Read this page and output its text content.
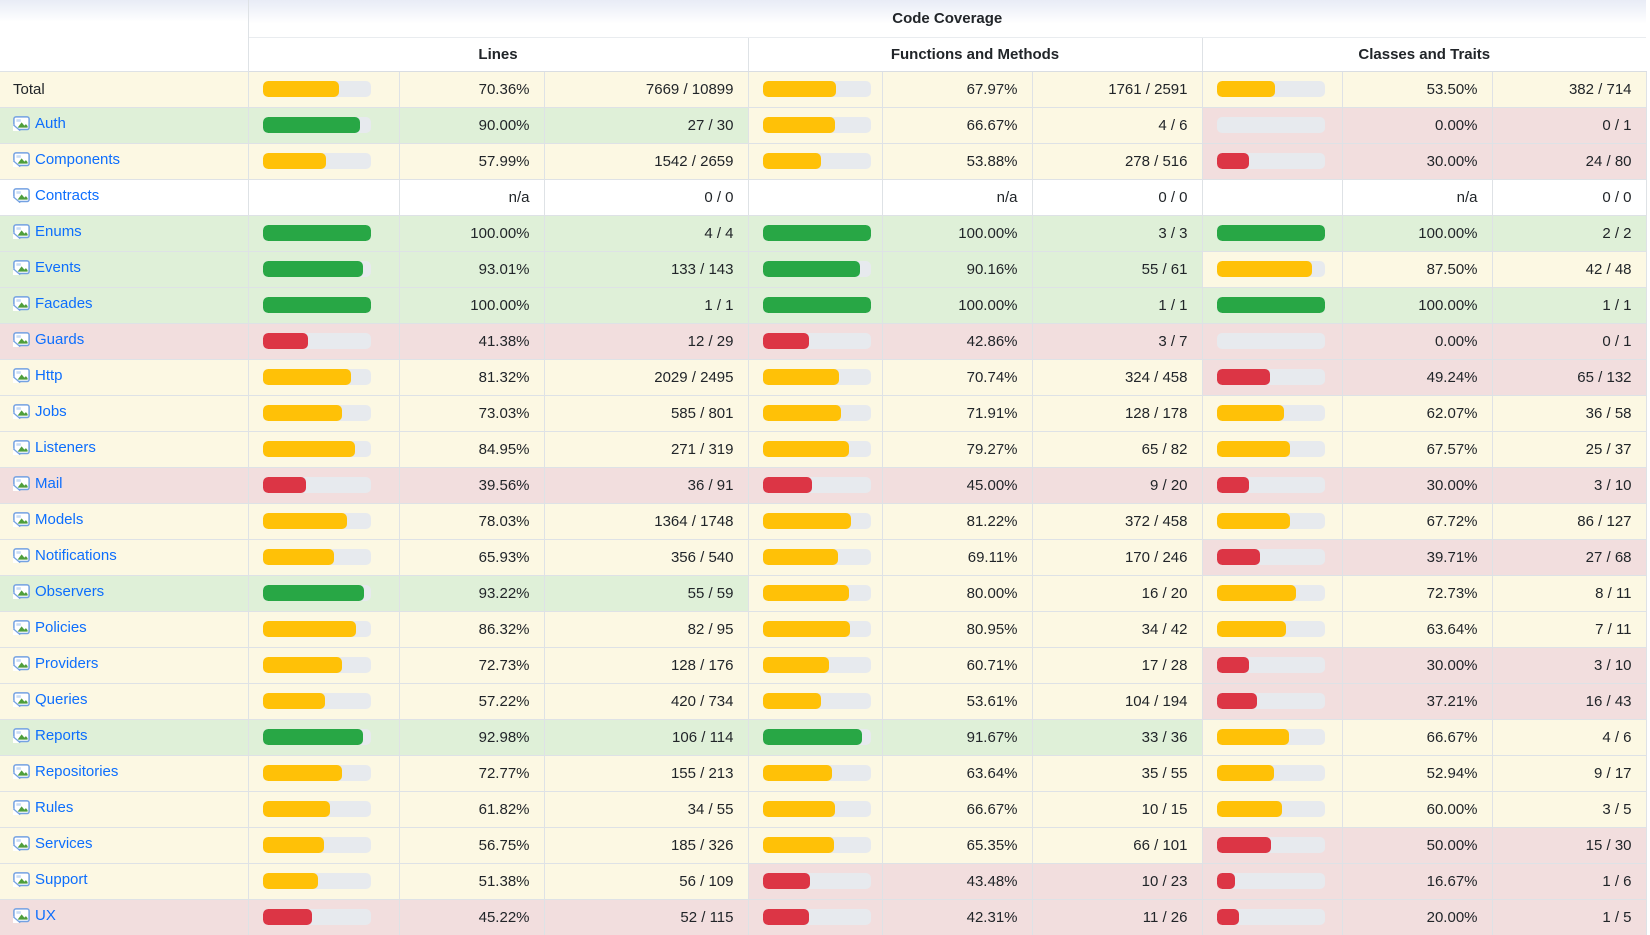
	Code Coverage								
	Lines			Functions and Methods			Classes and Traits		

Total		70.36%	7669 / 10899		67.97%	1761 / 2591		53.50%	382 / 714

Auth		90.00%	27 / 30		66.67%	4 / 6		0.00%	0 / 1

Components		57.99%	1542 / 2659		53.88%	278 / 516		30.00%	24 / 80

Contracts		n/a	0 / 0		n/a	0 / 0		n/a	0 / 0

Enums		100.00%	4 / 4		100.00%	3 / 3		100.00%	2 / 2

Events		93.01%	133 / 143		90.16%	55 / 61		87.50%	42 / 48

Facades		100.00%	1 / 1		100.00%	1 / 1		100.00%	1 / 1

Guards		41.38%	12 / 29		42.86%	3 / 7		0.00%	0 / 1

Http		81.32%	2029 / 2495		70.74%	324 / 458		49.24%	65 / 132

Jobs		73.03%	585 / 801		71.91%	128 / 178		62.07%	36 / 58

Listeners		84.95%	271 / 319		79.27%	65 / 82		67.57%	25 / 37

Mail		39.56%	36 / 91		45.00%	9 / 20		30.00%	3 / 10

Models		78.03%	1364 / 1748		81.22%	372 / 458		67.72%	86 / 127

Notifications		65.93%	356 / 540		69.11%	170 / 246		39.71%	27 / 68

Observers		93.22%	55 / 59		80.00%	16 / 20		72.73%	8 / 11

Policies		86.32%	82 / 95		80.95%	34 / 42		63.64%	7 / 11

Providers		72.73%	128 / 176		60.71%	17 / 28		30.00%	3 / 10

Queries		57.22%	420 / 734		53.61%	104 / 194		37.21%	16 / 43

Reports		92.98%	106 / 114		91.67%	33 / 36		66.67%	4 / 6

Repositories		72.77%	155 / 213		63.64%	35 / 55		52.94%	9 / 17

Rules		61.82%	34 / 55		66.67%	10 / 15		60.00%	3 / 5

Services		56.75%	185 / 326		65.35%	66 / 101		50.00%	15 / 30

Support		51.38%	56 / 109		43.48%	10 / 23		16.67%	1 / 6

UX		45.22%	52 / 115		42.31%	11 / 26		20.00%	1 / 5
